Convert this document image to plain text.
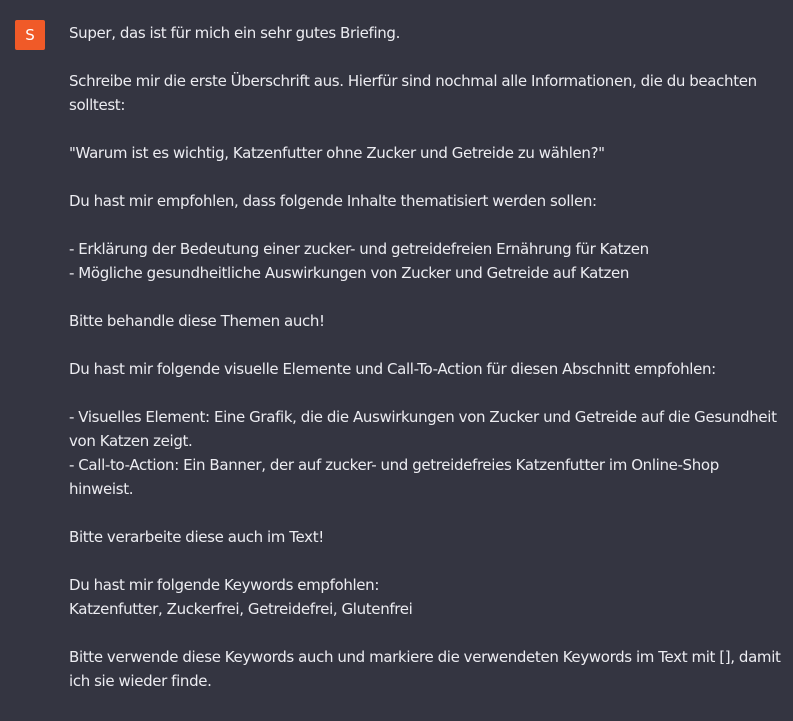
S Super, das ist für mich ein sehr gutes Briefing.
Schreibe mir die erste Überschrift aus. Hierfür sind nochmal alle Informationen, die du beachten solltest:
"Warum ist es wichtig, Katzenfutter ohne Zucker und Getreide zu wählen?"
Du hast mir empfohlen, dass folgende Inhalte thematisiert werden sollen:
- Erklärung der Bedeutung einer zucker- und getreidefreien Ernährung für Katzen
- Mögliche gesundheitliche Auswirkungen von Zucker und Getreide auf Katzen
Bitte behandle diese Themen auch!
Du hast mir folgende visuelle Elemente und Call-To-Action für diesen Abschnitt empfohlen:
- Visuelles Element: Eine Grafik, die die Auswirkungen von Zucker und Getreide auf die Gesundheit von Katzen zeigt.
- Call-to-Action: Ein Banner, der auf zucker- und getreidefreies Katzenfutter im Online-Shop hinweist.
Bitte verarbeite diese auch im Text!
Du hast mir folgende Keywords empfohlen:
Katzenfutter, Zuckerfrei, Getreidefrei, Glutenfrei
Bitte verwende diese Keywords auch und markiere die verwendeten Keywords im Text mit [], damit ich sie wieder finde.
